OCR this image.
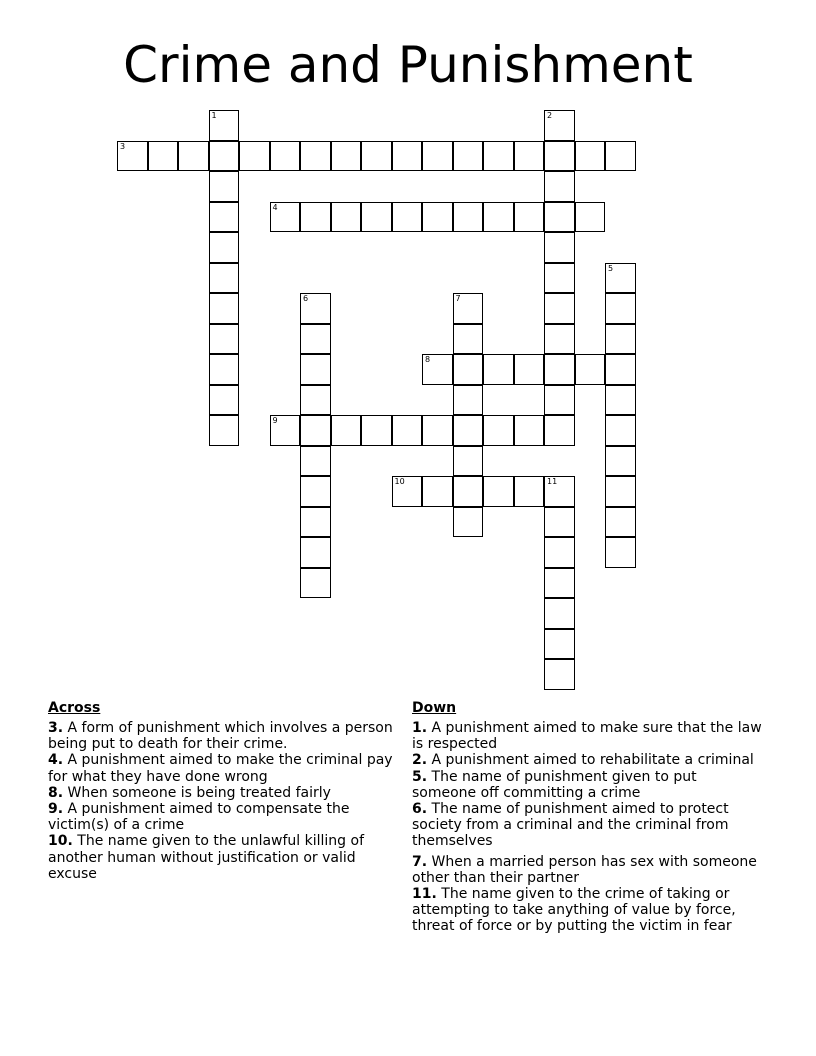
Crime and Punishment
1	2
3
4
5
6	7
8
9
10	11
Across
3. A form of punishment which involves a person being put to death for their crime.
4. A punishment aimed to make the criminal pay for what they have done wrong
8. When someone is being treated fairly
9. A punishment aimed to compensate the victim(s) of a crime
10. The name given to the unlawful killing of another human without justification or valid excuse
Down
1. A punishment aimed to make sure that the law is respected
2. A punishment aimed to rehabilitate a criminal
5. The name of punishment given to put someone off committing a crime
6. The name of punishment aimed to protect society from a criminal and the criminal from themselves
7. When a married person has sex with someone other than their partner
11. The name given to the crime of taking or attempting to take anything of value by force, threat of force or by putting the victim in fear
